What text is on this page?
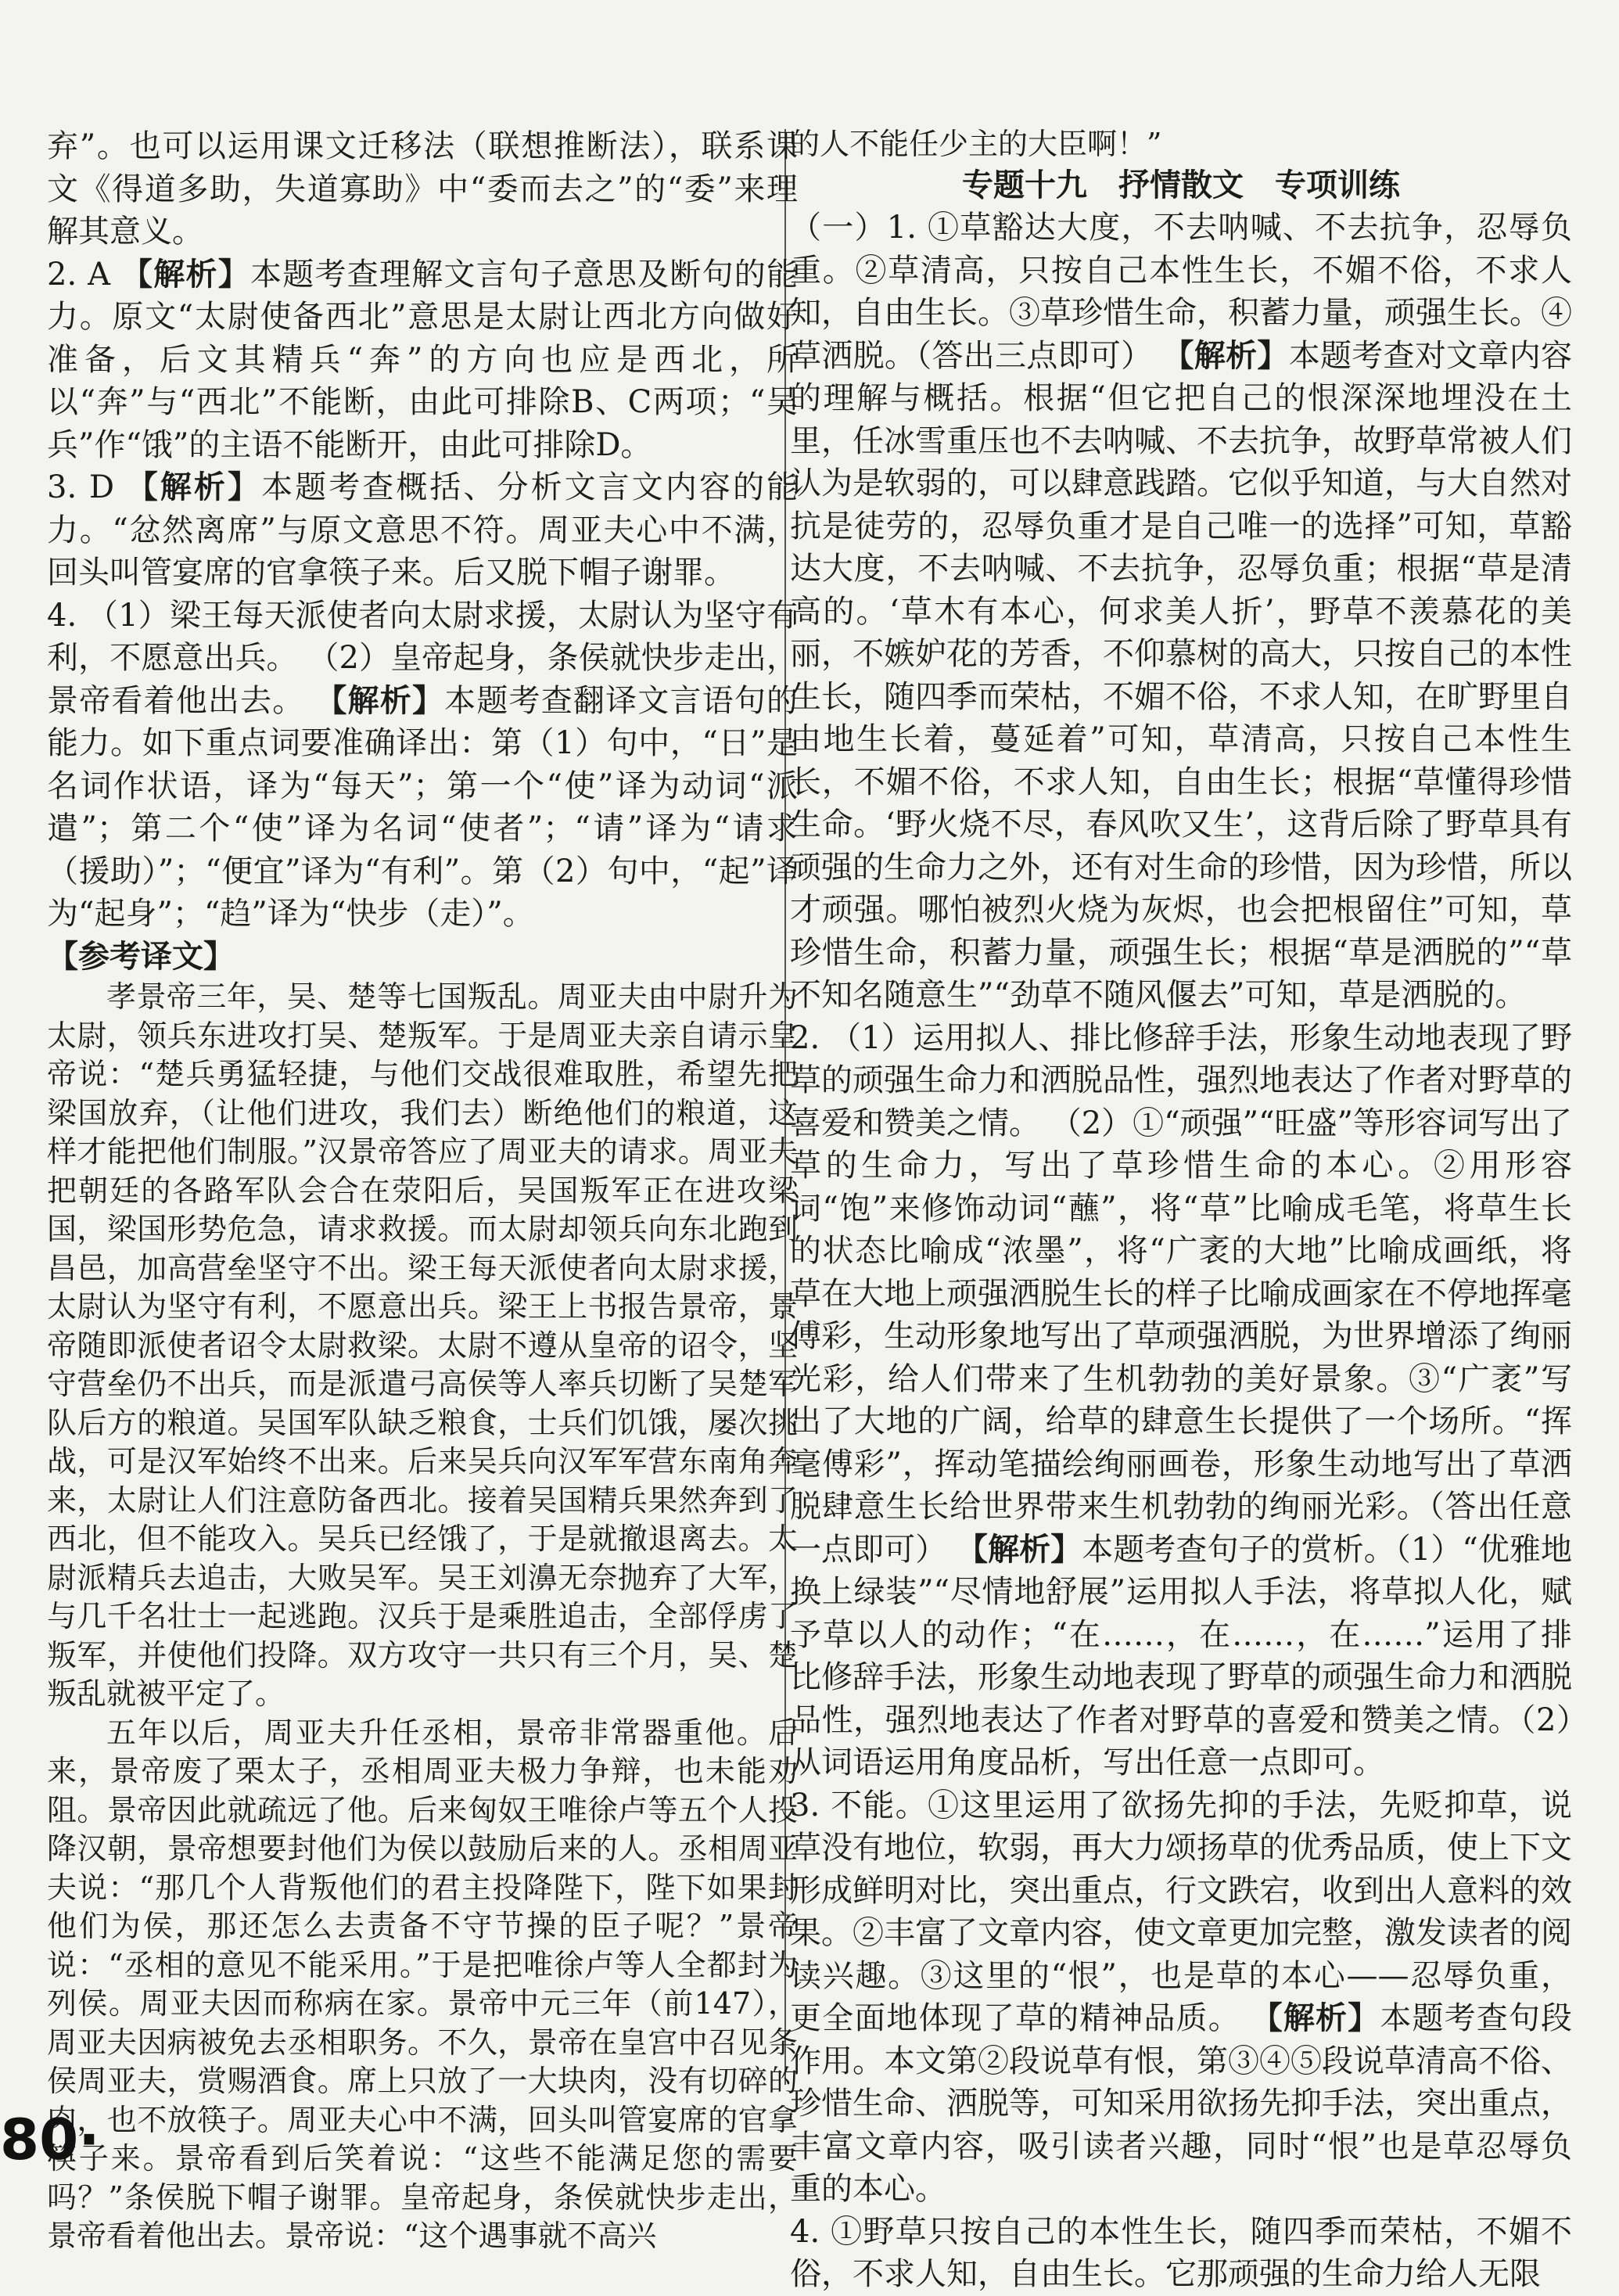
弃”。也可以运用课文迁移法（联想推断法），联系课文《得道多助，失道寡助》中“委而去之”的“委”来理解其意义。

2. A 【解析】本题考查理解文言句子意思及断句的能力。原文“太尉使备西北”意思是太尉让西北方向做好准备，后文其精兵“奔”的方向也应是西北，所以“奔”与“西北”不能断，由此可排除B、C两项；“吴兵”作“饿”的主语不能断开，由此可排除D。

3. D 【解析】本题考查概括、分析文言文内容的能力。“忿然离席”与原文意思不符。周亚夫心中不满，回头叫管宴席的官拿筷子来。后又脱下帽子谢罪。

4. （1）梁王每天派使者向太尉求援，太尉认为坚守有利，不愿意出兵。 （2）皇帝起身，条侯就快步走出，景帝看着他出去。 【解析】本题考查翻译文言语句的能力。如下重点词要准确译出：第（1）句中，“日”是名词作状语，译为“每天”；第一个“使”译为动词“派遣”；第二个“使”译为名词“使者”；“请”译为“请求（援助）”；“便宜”译为“有利”。第（2）句中，“起”译为“起身”；“趋”译为“快步（走）”。

【参考译文】

孝景帝三年，吴、楚等七国叛乱。周亚夫由中尉升为太尉，领兵东进攻打吴、楚叛军。于是周亚夫亲自请示皇帝说：“楚兵勇猛轻捷，与他们交战很难取胜，希望先把梁国放弃，（让他们进攻，我们去）断绝他们的粮道，这样才能把他们制服。”汉景帝答应了周亚夫的请求。周亚夫把朝廷的各路军队会合在荥阳后，吴国叛军正在进攻梁国，梁国形势危急，请求救援。而太尉却领兵向东北跑到昌邑，加高营垒坚守不出。梁王每天派使者向太尉求援，太尉认为坚守有利，不愿意出兵。梁王上书报告景帝，景帝随即派使者诏令太尉救梁。太尉不遵从皇帝的诏令，坚守营垒仍不出兵，而是派遣弓高侯等人率兵切断了吴楚军队后方的粮道。吴国军队缺乏粮食，士兵们饥饿，屡次挑战，可是汉军始终不出来。后来吴兵向汉军军营东南角奔来，太尉让人们注意防备西北。接着吴国精兵果然奔到了西北，但不能攻入。吴兵已经饿了，于是就撤退离去。太尉派精兵去追击，大败吴军。吴王刘濞无奈抛弃了大军，与几千名壮士一起逃跑。汉兵于是乘胜追击，全部俘虏了叛军，并使他们投降。双方攻守一共只有三个月，吴、楚叛乱就被平定了。

五年以后，周亚夫升任丞相，景帝非常器重他。后来，景帝废了栗太子，丞相周亚夫极力争辩，也未能劝阻。景帝因此就疏远了他。后来匈奴王唯徐卢等五个人投降汉朝，景帝想要封他们为侯以鼓励后来的人。丞相周亚夫说：“那几个人背叛他们的君主投降陛下，陛下如果封他们为侯，那还怎么去责备不守节操的臣子呢？”景帝说：“丞相的意见不能采用。”于是把唯徐卢等人全都封为列侯。周亚夫因而称病在家。景帝中元三年（前147），周亚夫因病被免去丞相职务。不久，景帝在皇宫中召见条侯周亚夫，赏赐酒食。席上只放了一大块肉，没有切碎的肉，也不放筷子。周亚夫心中不满，回头叫管宴席的官拿筷子来。景帝看到后笑着说：“这些不能满足您的需要吗？”条侯脱下帽子谢罪。皇帝起身，条侯就快步走出，景帝看着他出去。景帝说：“这个遇事就不高兴

的人不能任少主的大臣啊！”

专题十九　抒情散文　专项训练

（一）1. ①草豁达大度，不去呐喊、不去抗争，忍辱负重。②草清高，只按自己本性生长，不媚不俗，不求人知，自由生长。③草珍惜生命，积蓄力量，顽强生长。④草洒脱。（答出三点即可） 【解析】本题考查对文章内容的理解与概括。根据“但它把自己的恨深深地埋没在土里，任冰雪重压也不去呐喊、不去抗争，故野草常被人们认为是软弱的，可以肆意践踏。它似乎知道，与大自然对抗是徒劳的，忍辱负重才是自己唯一的选择”可知，草豁达大度，不去呐喊、不去抗争，忍辱负重；根据“草是清高的。‘草木有本心，何求美人折’，野草不羡慕花的美丽，不嫉妒花的芳香，不仰慕树的高大，只按自己的本性生长，随四季而荣枯，不媚不俗，不求人知，在旷野里自由地生长着，蔓延着”可知，草清高，只按自己本性生长，不媚不俗，不求人知，自由生长；根据“草懂得珍惜生命。‘野火烧不尽，春风吹又生’，这背后除了野草具有顽强的生命力之外，还有对生命的珍惜，因为珍惜，所以才顽强。哪怕被烈火烧为灰烬，也会把根留住”可知，草珍惜生命，积蓄力量，顽强生长；根据“草是洒脱的”“草不知名随意生”“劲草不随风偃去”可知，草是洒脱的。

2. （1）运用拟人、排比修辞手法，形象生动地表现了野草的顽强生命力和洒脱品性，强烈地表达了作者对野草的喜爱和赞美之情。 （2）①“顽强”“旺盛”等形容词写出了草的生命力，写出了草珍惜生命的本心。②用形容词“饱”来修饰动词“蘸”，将“草”比喻成毛笔，将草生长的状态比喻成“浓墨”，将“广袤的大地”比喻成画纸，将草在大地上顽强洒脱生长的样子比喻成画家在不停地挥毫傅彩，生动形象地写出了草顽强洒脱，为世界增添了绚丽光彩，给人们带来了生机勃勃的美好景象。③“广袤”写出了大地的广阔，给草的肆意生长提供了一个场所。“挥毫傅彩”，挥动笔描绘绚丽画卷，形象生动地写出了草洒脱肆意生长给世界带来生机勃勃的绚丽光彩。（答出任意一点即可） 【解析】本题考查句子的赏析。（1）“优雅地换上绿装”“尽情地舒展”运用拟人手法，将草拟人化，赋予草以人的动作；“在……，在……，在……”运用了排比修辞手法，形象生动地表现了野草的顽强生命力和洒脱品性，强烈地表达了作者对野草的喜爱和赞美之情。（2）从词语运用角度品析，写出任意一点即可。

3. 不能。①这里运用了欲扬先抑的手法，先贬抑草，说草没有地位，软弱，再大力颂扬草的优秀品质，使上下文形成鲜明对比，突出重点，行文跌宕，收到出人意料的效果。②丰富了文章内容，使文章更加完整，激发读者的阅读兴趣。③这里的“恨”，也是草的本心——忍辱负重，更全面地体现了草的精神品质。 【解析】本题考查句段作用。本文第②段说草有恨，第③④⑤段说草清高不俗、珍惜生命、洒脱等，可知采用欲扬先抑手法，突出重点，丰富文章内容，吸引读者兴趣，同时“恨”也是草忍辱负重的本心。

4. ①野草只按自己的本性生长，随四季而荣枯，不媚不俗，不求人知，自由生长。它那顽强的生命力给人无限

80·
